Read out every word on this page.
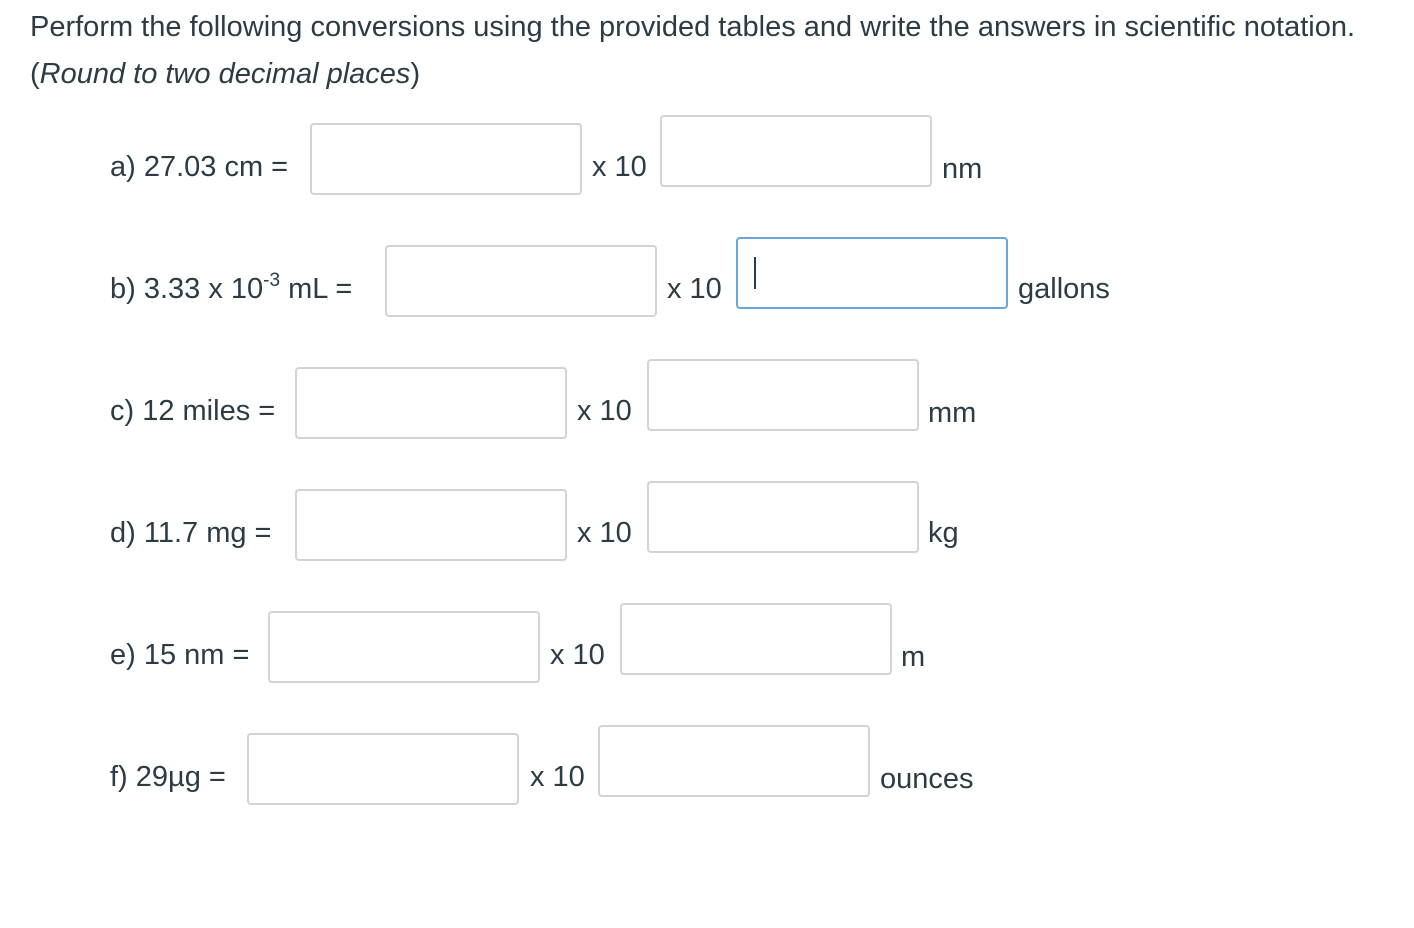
Perform the following conversions using the provided tables and write the answers in scientific notation. (Round to two decimal places)

a) 27.03 cm =	x 10	nm
b) 3.33 x $10^{-3}$ mL =	x 10	gallons
c) 12 miles =	x 10	mm
d) 11.7 mg =	x 10	kg
e) 15 nm =	x 10	m
f) 29µg =	x 10	ounces
